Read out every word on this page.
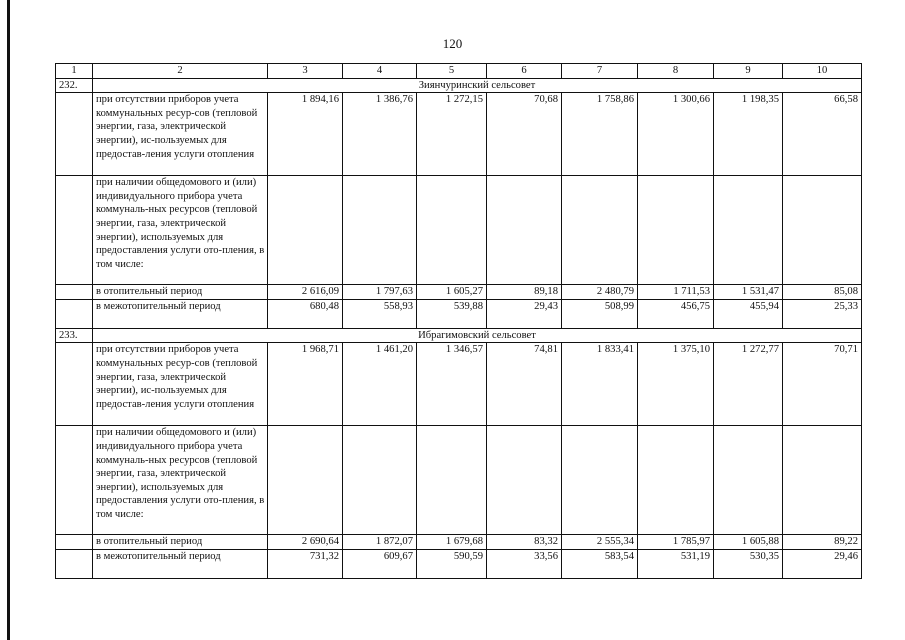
120
1	2	3	4	5	6	7	8	9	10
232.	Зиянчуринский сельсовет								
	при отсутствии приборов учета коммунальных ресур-сов (тепловой энергии, газа, электрической энергии), ис-пользуемых для предостав-ления услуги отопления	1 894,16	1 386,76	1 272,15	70,68	1 758,86	1 300,66	1 198,35	66,58
	при наличии общедомового и (или) индивидуального прибора учета коммуналь-ных ресурсов (тепловой энергии, газа, электрической энергии), используемых для предоставления услуги ото-пления, в том числе:								
	в отопительный период	2 616,09	1 797,63	1 605,27	89,18	2 480,79	1 711,53	1 531,47	85,08
	в межотопительный период	680,48	558,93	539,88	29,43	508,99	456,75	455,94	25,33
233.	Ибрагимовский сельсовет								
	при отсутствии приборов учета коммунальных ресур-сов (тепловой энергии, газа, электрической энергии), ис-пользуемых для предостав-ления услуги отопления	1 968,71	1 461,20	1 346,57	74,81	1 833,41	1 375,10	1 272,77	70,71
	при наличии общедомового и (или) индивидуального прибора учета коммуналь-ных ресурсов (тепловой энергии, газа, электрической энергии), используемых для предоставления услуги ото-пления, в том числе:								
	в отопительный период	2 690,64	1 872,07	1 679,68	83,32	2 555,34	1 785,97	1 605,88	89,22
	в межотопительный период	731,32	609,67	590,59	33,56	583,54	531,19	530,35	29,46
